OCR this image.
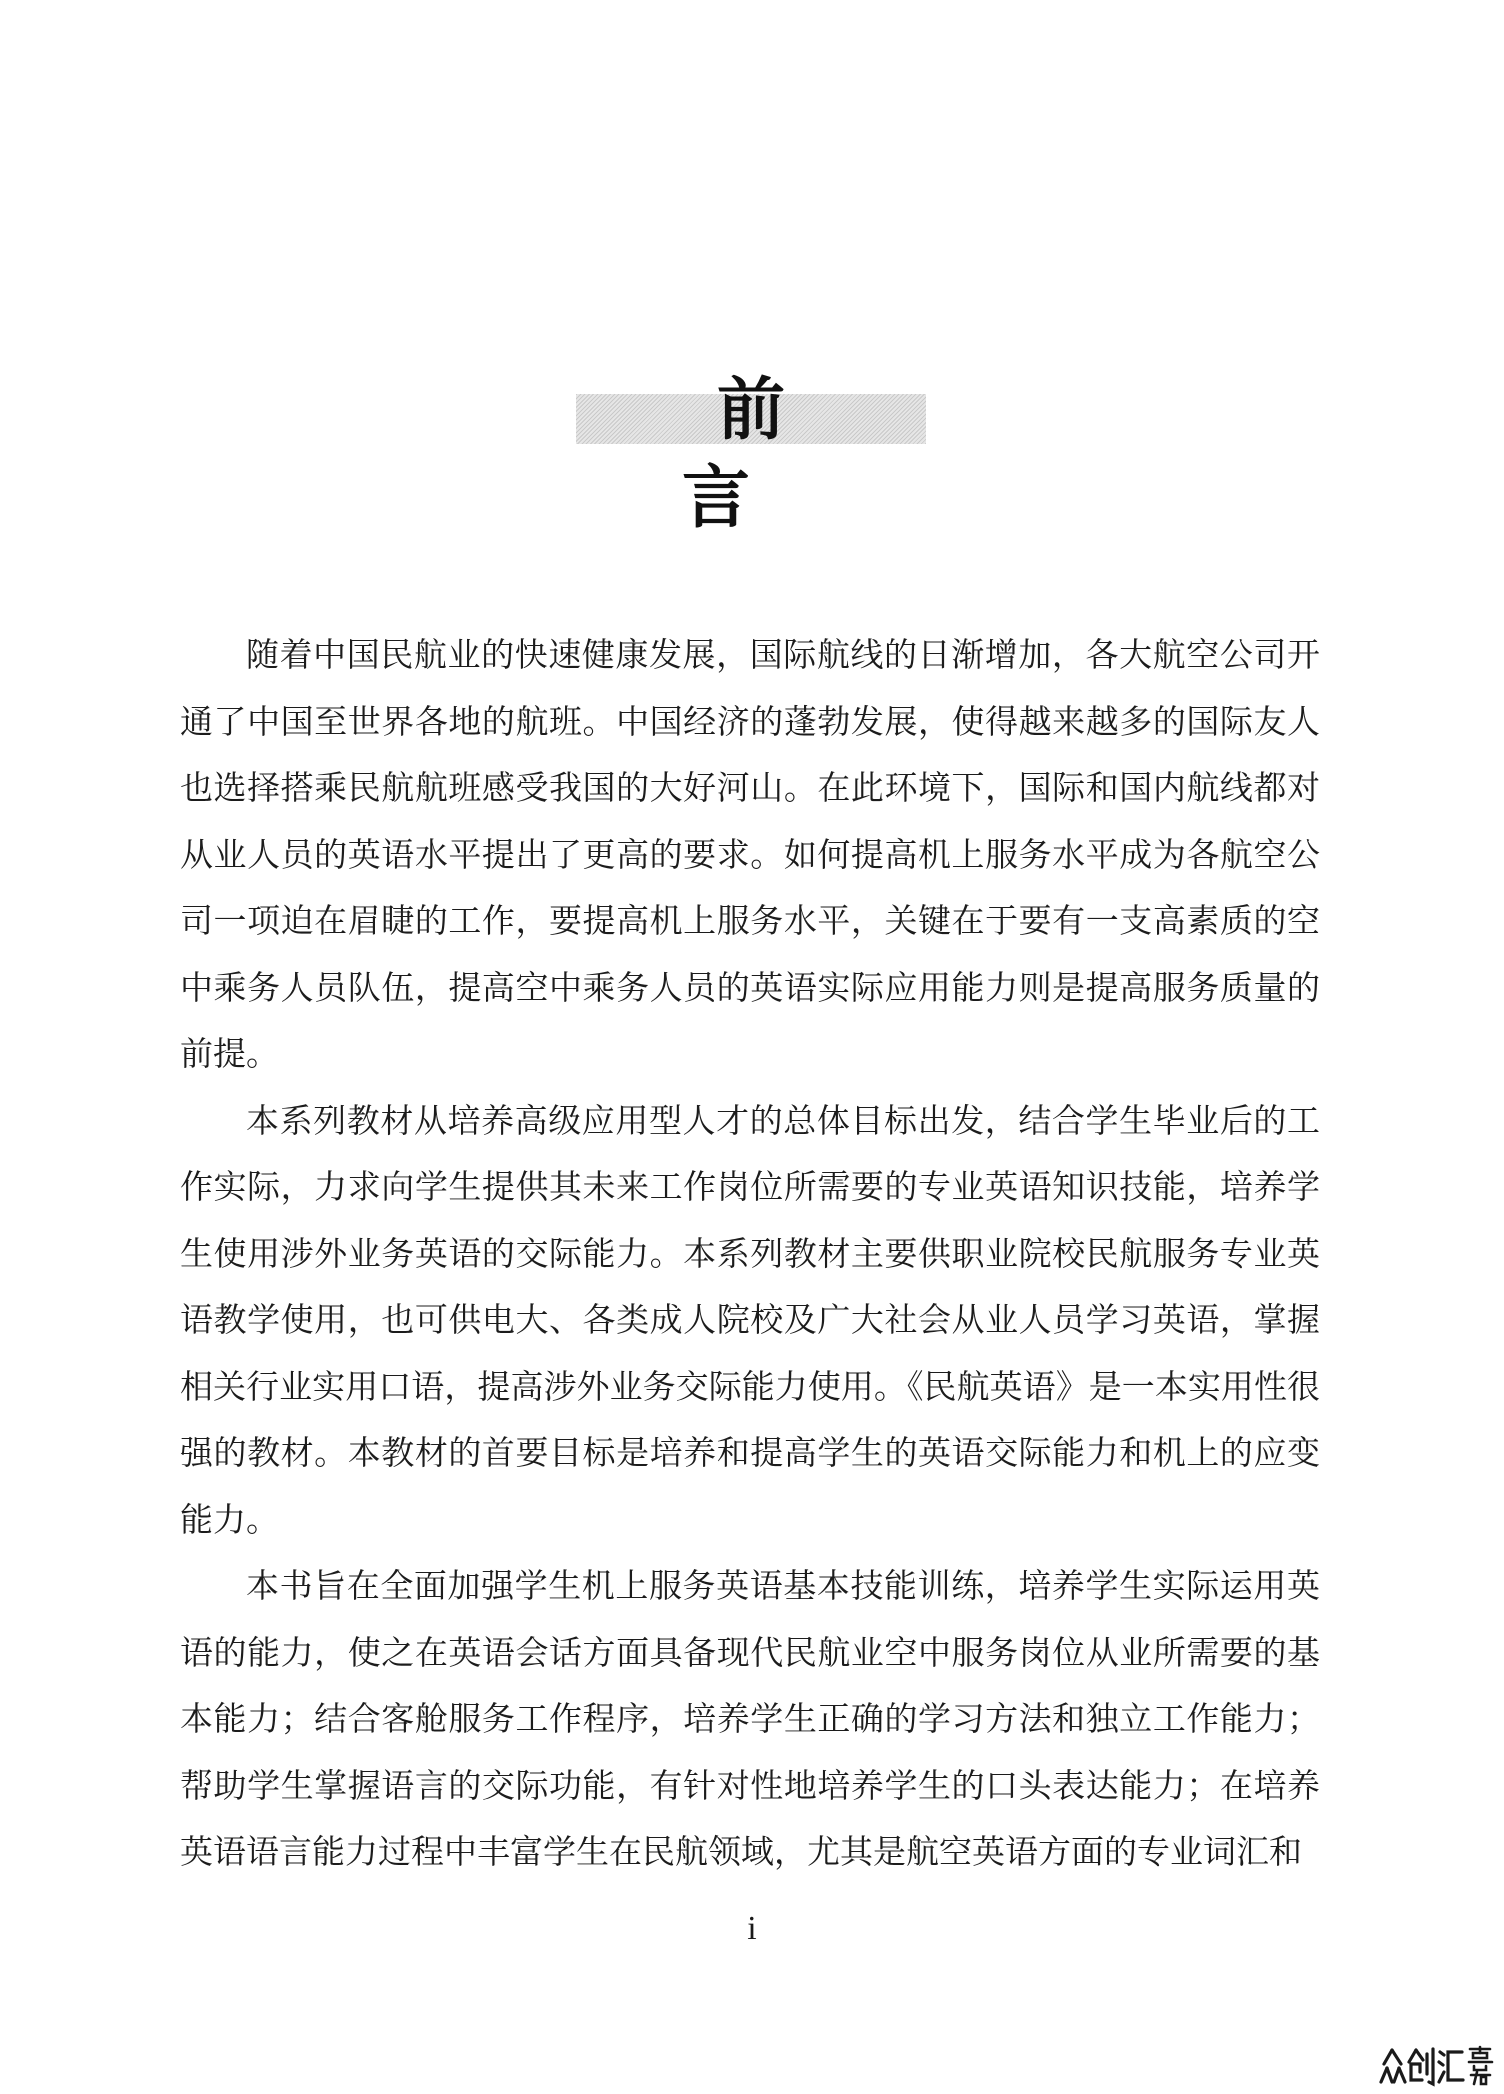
前 言

随着中国民航业的快速健康发展，国际航线的日渐增加，各大航空公司开通了中国至世界各地的航班。中国经济的蓬勃发展，使得越来越多的国际友人也选择搭乘民航航班感受我国的大好河山。在此环境下，国际和国内航线都对从业人员的英语水平提出了更高的要求。如何提高机上服务水平成为各航空公司一项迫在眉睫的工作，要提高机上服务水平，关键在于要有一支高素质的空中乘务人员队伍，提高空中乘务人员的英语实际应用能力则是提高服务质量的前提。

本系列教材从培养高级应用型人才的总体目标出发，结合学生毕业后的工作实际，力求向学生提供其未来工作岗位所需要的专业英语知识技能，培养学生使用涉外业务英语的交际能力。本系列教材主要供职业院校民航服务专业英语教学使用，也可供电大、各类成人院校及广大社会从业人员学习英语，掌握相关行业实用口语，提高涉外业务交际能力使用。《民航英语》是一本实用性很强的教材。本教材的首要目标是培养和提高学生的英语交际能力和机上的应变能力。

本书旨在全面加强学生机上服务英语基本技能训练，培养学生实际运用英语的能力，使之在英语会话方面具备现代民航业空中服务岗位从业所需要的基本能力；结合客舱服务工作程序，培养学生正确的学习方法和独立工作能力；帮助学生掌握语言的交际功能，有针对性地培养学生的口头表达能力；在培养英语语言能力过程中丰富学生在民航领域，尤其是航空英语方面的专业词汇和

i
